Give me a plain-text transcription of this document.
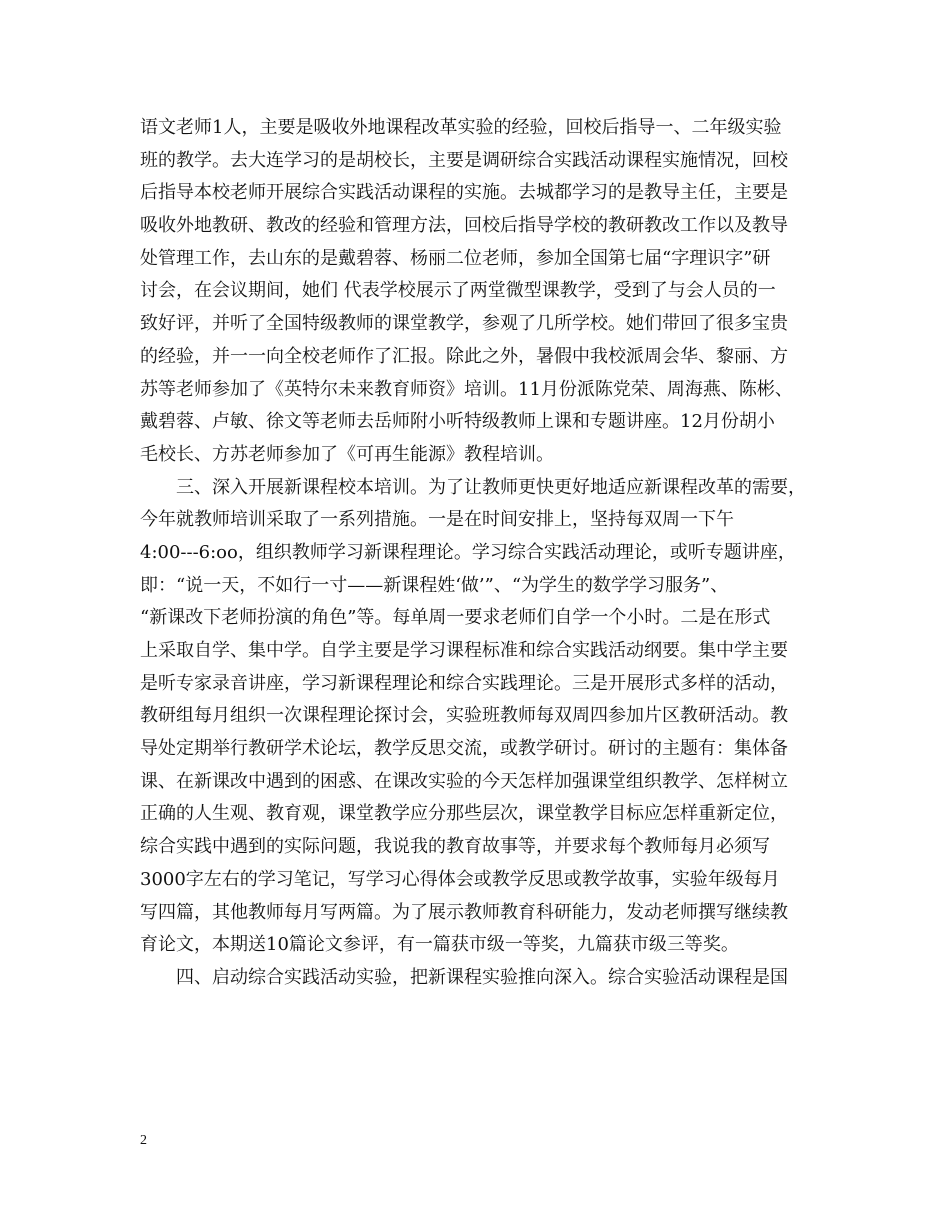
语文老师1人，主要是吸收外地课程改革实验的经验，回校后指导一、二年级实验
班的教学。去大连学习的是胡校长，主要是调研综合实践活动课程实施情况，回校
后指导本校老师开展综合实践活动课程的实施。去城都学习的是教导主任，主要是
吸收外地教研、教改的经验和管理方法，回校后指导学校的教研教改工作以及教导
处管理工作，去山东的是戴碧蓉、杨丽二位老师，参加全国第七届“字理识字”研
讨会，在会议期间，她们 代表学校展示了两堂微型课教学，受到了与会人员的一
致好评，并听了全国特级教师的课堂教学，参观了几所学校。她们带回了很多宝贵
的经验，并一一向全校老师作了汇报。除此之外，暑假中我校派周会华、黎丽、方
苏等老师参加了《英特尔未来教育师资》培训。11月份派陈党荣、周海燕、陈彬、
戴碧蓉、卢敏、徐文等老师去岳师附小听特级教师上课和专题讲座。12月份胡小
毛校长、方苏老师参加了《可再生能源》教程培训。
三、深入开展新课程校本培训。为了让教师更快更好地适应新课程改革的需要，
今年就教师培训采取了一系列措施。一是在时间安排上，坚持每双周一下午
4:00---6:oo，组织教师学习新课程理论。学习综合实践活动理论，或听专题讲座，
即：“说一天，不如行一寸——新课程姓‘做’”、“为学生的数学学习服务”、
“新课改下老师扮演的角色”等。每单周一要求老师们自学一个小时。二是在形式
上采取自学、集中学。自学主要是学习课程标准和综合实践活动纲要。集中学主要
是听专家录音讲座，学习新课程理论和综合实践理论。三是开展形式多样的活动，
教研组每月组织一次课程理论探讨会，实验班教师每双周四参加片区教研活动。教
导处定期举行教研学术论坛，教学反思交流，或教学研讨。研讨的主题有：集体备
课、在新课改中遇到的困惑、在课改实验的今天怎样加强课堂组织教学、怎样树立
正确的人生观、教育观，课堂教学应分那些层次，课堂教学目标应怎样重新定位，
综合实践中遇到的实际问题，我说我的教育故事等，并要求每个教师每月必须写
3000字左右的学习笔记，写学习心得体会或教学反思或教学故事，实验年级每月
写四篇，其他教师每月写两篇。为了展示教师教育科研能力，发动老师撰写继续教
育论文，本期送10篇论文参评，有一篇获市级一等奖，九篇获市级三等奖。
四、启动综合实践活动实验，把新课程实验推向深入。综合实验活动课程是国
2
